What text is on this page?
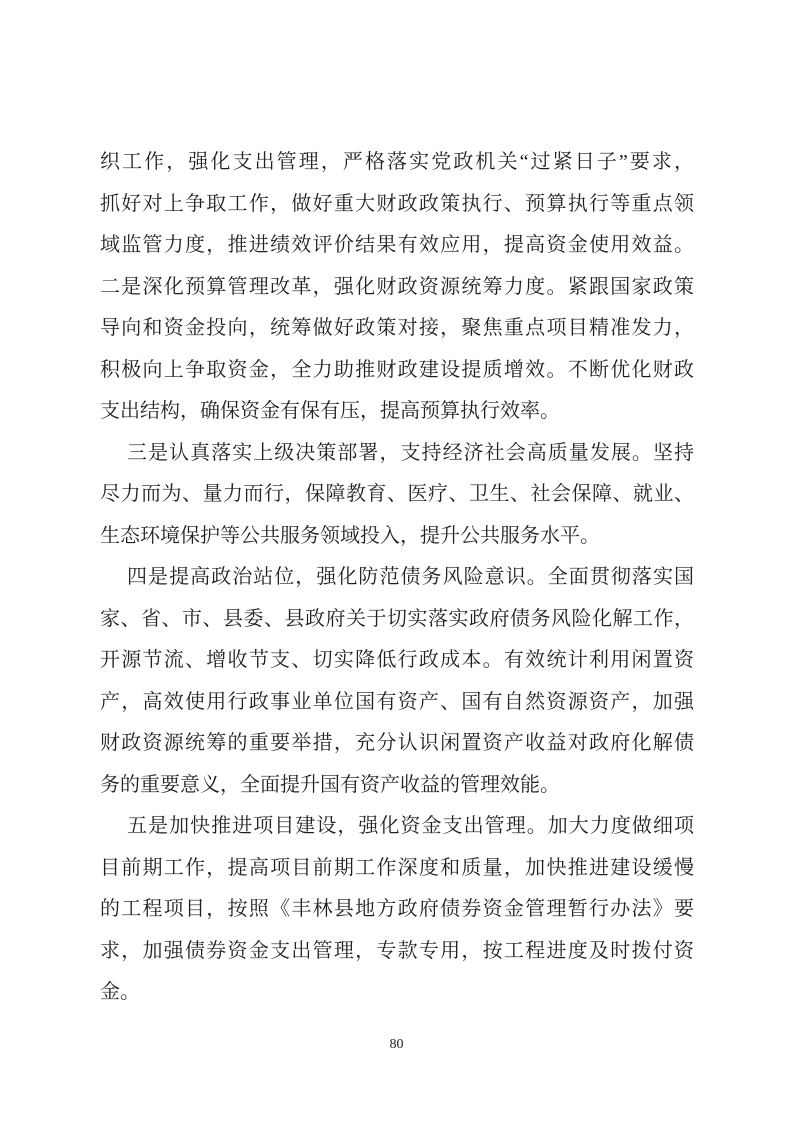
织工作，强化支出管理，严格落实党政机关“过紧日子”要求，
抓好对上争取工作，做好重大财政政策执行、预算执行等重点领
域监管力度，推进绩效评价结果有效应用，提高资金使用效益。
二是深化预算管理改革，强化财政资源统筹力度。紧跟国家政策
导向和资金投向，统筹做好政策对接，聚焦重点项目精准发力，
积极向上争取资金，全力助推财政建设提质增效。不断优化财政
支出结构，确保资金有保有压，提高预算执行效率。
三是认真落实上级决策部署，支持经济社会高质量发展。坚持
尽力而为、量力而行，保障教育、医疗、卫生、社会保障、就业、
生态环境保护等公共服务领域投入，提升公共服务水平。
四是提高政治站位，强化防范债务风险意识。全面贯彻落实国
家、省、市、县委、县政府关于切实落实政府债务风险化解工作，
开源节流、增收节支、切实降低行政成本。有效统计利用闲置资
产，高效使用行政事业单位国有资产、国有自然资源资产，加强
财政资源统筹的重要举措，充分认识闲置资产收益对政府化解债
务的重要意义，全面提升国有资产收益的管理效能。
五是加快推进项目建设，强化资金支出管理。加大力度做细项
目前期工作，提高项目前期工作深度和质量，加快推进建设缓慢
的工程项目，按照《丰林县地方政府债券资金管理暂行办法》要
求，加强债券资金支出管理，专款专用，按工程进度及时拨付资
金。
80
